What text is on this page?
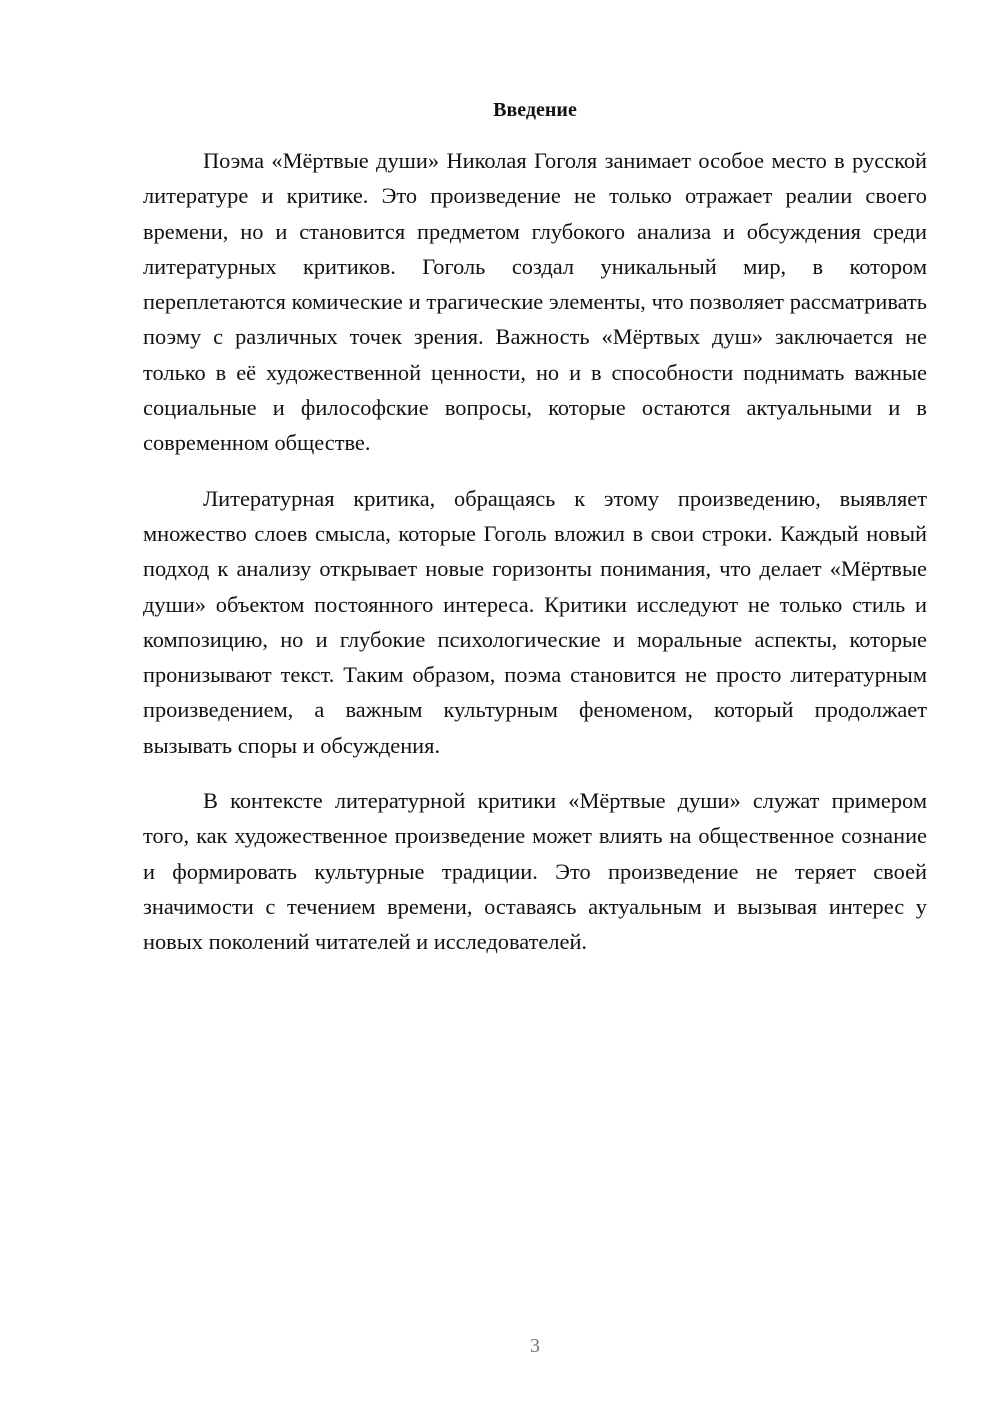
Введение

Поэма «Мёртвые души» Николая Гоголя занимает особое место в русской литературе и критике. Это произведение не только отражает реалии своего времени, но и становится предметом глубокого анализа и обсуждения среди литературных критиков. Гоголь создал уникальный мир, в котором переплетаются комические и трагические элементы, что позволяет рассматривать поэму с различных точек зрения. Важность «Мёртвых душ» заключается не только в её художественной ценности, но и в способности поднимать важные социальные и философские вопросы, которые остаются актуальными и в современном обществе.

Литературная критика, обращаясь к этому произведению, выявляет множество слоев смысла, которые Гоголь вложил в свои строки. Каждый новый подход к анализу открывает новые горизонты понимания, что делает «Мёртвые души» объектом постоянного интереса. Критики исследуют не только стиль и композицию, но и глубокие психологические и моральные аспекты, которые пронизывают текст. Таким образом, поэма становится не просто литературным произведением, а важным культурным феноменом, который продолжает вызывать споры и обсуждения.

В контексте литературной критики «Мёртвые души» служат примером того, как художественное произведение может влиять на общественное сознание и формировать культурные традиции. Это произведение не теряет своей значимости с течением времени, оставаясь актуальным и вызывая интерес у новых поколений читателей и исследователей.

3
